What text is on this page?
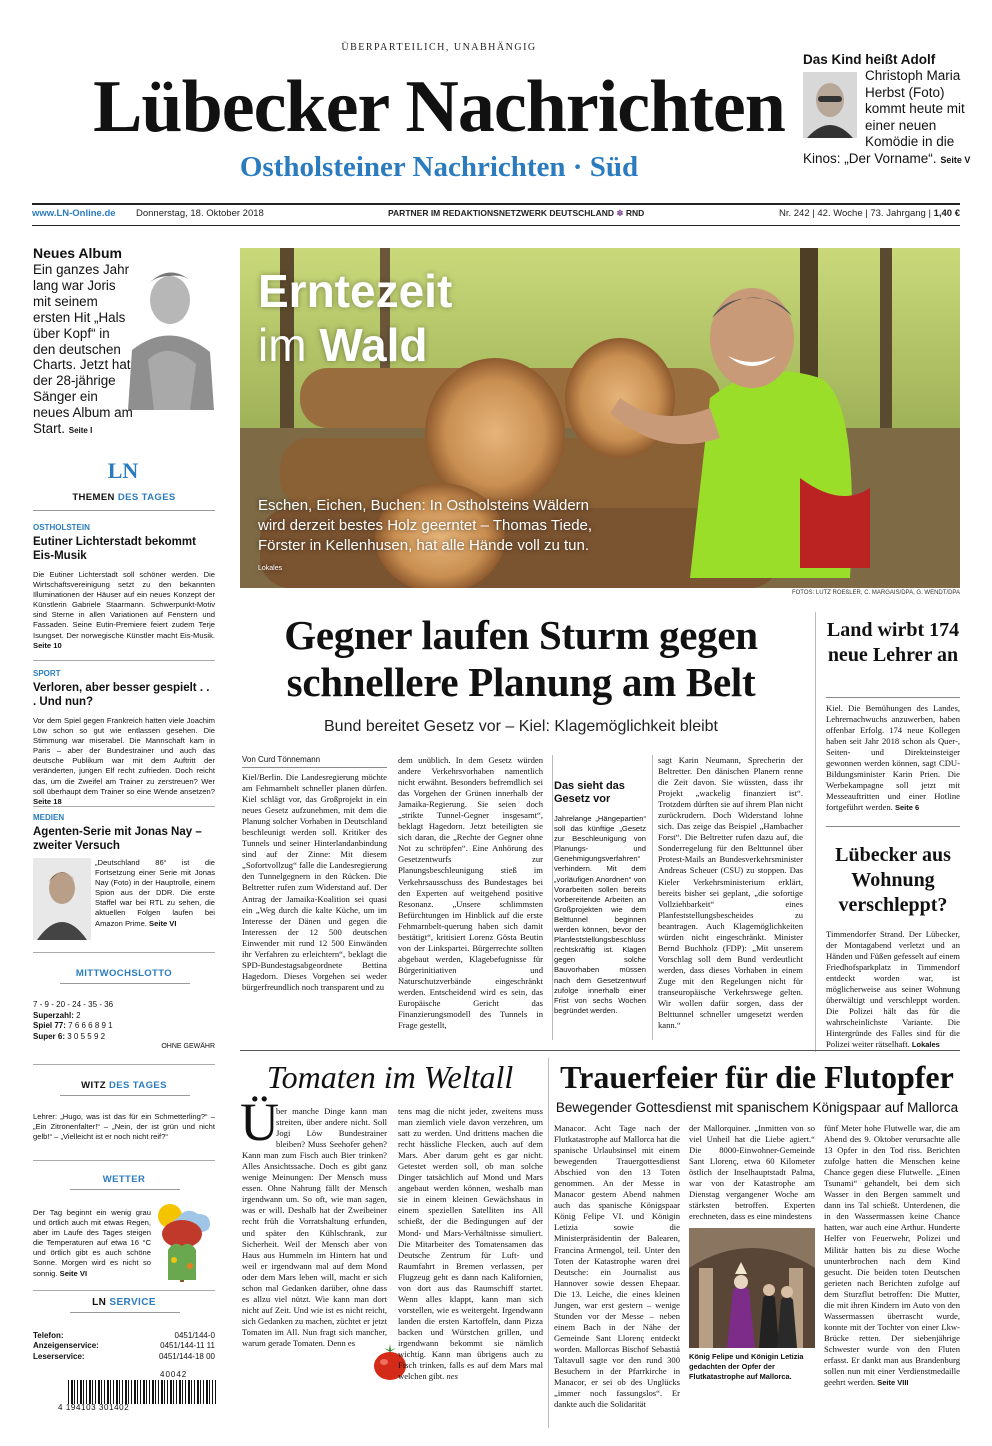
ÜBERPARTEILICH, UNABHÄNGIG
Lübecker Nachrichten
Ostholsteiner Nachrichten · Süd
Das Kind heißt Adolf
Christoph Maria Herbst (Foto) kommt heute mit einer neuen Komödie in die Kinos: „Der Vorname“. Seite V
www.LN-Online.de Donnerstag, 18. Oktober 2018	PARTNER IM REDAKTIONSNETZWERK DEUTSCHLAND ✽ RND	Nr. 242 | 42. Woche | 73. Jahrgang | 1,40 €
Neues Album
Ein ganzes Jahr lang war Joris mit seinem ersten Hit „Hals über Kopf“ in den deutschen Charts. Jetzt hat der 28-jährige Sänger ein neues Album am Start. Seite I
LN
THEMEN DES TAGES
OSTHOLSTEIN
Eutiner Lichterstadt bekommt Eis-Musik
Die Eutiner Lichterstadt soll schöner werden. Die Wirtschaftsvereinigung setzt zu den bekannten Illuminationen der Häuser auf ein neues Konzept der Künstlerin Gabriele Staarmann. Schwerpunkt-Motiv sind Sterne in allen Variationen auf Fenstern und Fassaden. Seine Eutin-Premiere feiert zudem Terje Isungset. Der norwegische Künstler macht Eis-Musik. Seite 10
SPORT
Verloren, aber besser gespielt . . . Und nun?
Vor dem Spiel gegen Frankreich hatten viele Joachim Löw schon so gut wie entlassen gesehen. Die Stimmung war miserabel. Die Mannschaft kam in Paris – aber der Bundestrainer und auch das deutsche Publikum war mit dem Auftritt der veränderten, jungen Elf recht zufrieden. Doch reicht das, um die Zweifel am Trainer zu zerstreuen? Wer soll überhaupt dem Trainer so eine Wende ansetzen? Seite 18
MEDIEN
Agenten-Serie mit Jonas Nay – zweiter Versuch
„Deutschland 86“ ist die Fortsetzung einer Serie mit Jonas Nay (Foto) in der Hauptrolle, einem Spion aus der DDR. Die erste Staffel war bei RTL zu sehen, die aktuellen Folgen laufen bei Amazon Prime. Seite VI
MITTWOCHSLOTTO
7 - 9 - 20 - 24 - 35 - 36
Superzahl: 2
Spiel 77: 7 6 6 6 8 9 1
Super 6: 3 0 5 5 9 2
OHNE GEWÄHR
WITZ DES TAGES
Lehrer: „Hugo, was ist das für ein Schmetterling?“ – „Ein Zitronenfalter!“ – „Nein, der ist grün und nicht gelb!“ – „Vielleicht ist er noch nicht reif?“
WETTER
Der Tag beginnt ein wenig grau und örtlich auch mit etwas Regen, aber im Laufe des Tages steigen die Temperaturen auf etwa 16 °C und örtlich gibt es auch schöne Sonne. Morgen wird es nicht so sonnig. Seite VI
LN SERVICE
Telefon:	0451/144-0
Anzeigenservice:	0451/144-11 11
Leserservice:	0451/144-18 00
40042
4 194103 301402
Erntezeit
im Wald
Eschen, Eichen, Buchen: In Ostholsteins Wäldern wird derzeit bestes Holz geerntet – Thomas Tiede, Förster in Kellenhusen, hat alle Hände voll zu tun. Lokales
FOTOS: LUTZ ROEßLER, C. MARGAIS/DPA, G. WENDT/DPA
Gegner laufen Sturm gegen
schnellere Planung am Belt
Bund bereitet Gesetz vor – Kiel: Klagemöglichkeit bleibt
Von Curd Tönnemann
Kiel/Berlin. Die Landesregierung möchte am Fehmarnbelt schneller planen dürfen. Kiel schlägt vor, das Großprojekt in ein neues Gesetz aufzunehmen, mit dem die Planung solcher Vorhaben in Deutschland beschleunigt werden soll. Kritiker des Tunnels und seiner Hinterlandanbindung sind auf der Zinne: Mit diesem „Sofortvollzug“ falle die Landesregierung den Tunnelgegnern in den Rücken. Die Beltretter rufen zum Widerstand auf. Der Antrag der Jamaika-Koalition sei quasi ein „Weg durch die kalte Küche, um im Interesse der Dänen und gegen die Interessen der 12 500 deutschen Einwender mit rund 12 500 Einwänden ihr Verfahren zu erleichtern“, beklagt die SPD-Bundestagsabgeordnete Bettina Hagedorn. Dieses Vorgehen sei weder bürgerfreundlich noch transparent und zu
dem unüblich. In dem Gesetz würden andere Verkehrsvorhaben namentlich nicht erwähnt. Besonders befremdlich sei das Vorgehen der Grünen innerhalb der Jamaika-Regierung. Sie seien doch „strikte Tunnel-Gegner insgesamt“, beklagt Hagedorn. Jetzt beteiligten sie sich daran, die „Rechte der Gegner ohne Not zu schröpfen“. Eine Anhörung des Gesetzentwurfs zur Planungsbeschleunigung stieß im Verkehrsausschuss des Bundestages bei den Experten auf weitgehend positive Resonanz. „Unsere schlimmsten Befürchtungen im Hinblick auf die erste Fehmarnbelt-querung haben sich damit bestätigt“, kritisiert Lorenz Gösta Beutin von der Linkspartei. Bürgerrechte sollten abgebaut werden, Klagebefugnisse für Bürgerinitiativen und Naturschutzverbände eingeschränkt werden. Entscheidend wird es sein, das Europäische Gericht das Finanzierungsmodell des Tunnels in Frage gestellt,
Das sieht das Gesetz vor
Jahrelange „Hängepartien“ soll das künftige „Gesetz zur Beschleunigung von Planungs- und Genehmigungsverfahren“ verhindern. Mit dem „vorläufigen Anordnen“ von Vorarbeiten sollen bereits vorbereitende Arbeiten an Großprojekten wie dem Belttunnel beginnen werden können, bevor der Planfeststellungsbeschluss rechtskräftig ist. Klagen gegen solche Bauvorhaben müssen nach dem Gesetzentwurf zufolge innerhalb einer Frist von sechs Wochen begründet werden.
sagt Karin Neumann, Sprecherin der Beltretter. Den dänischen Planern renne die Zeit davon. Sie wüssten, dass ihr Projekt „wackelig finanziert ist“. Trotzdem dürften sie auf ihrem Plan nicht zurückrudern. Doch Widerstand lohne sich. Das zeige das Beispiel „Hambacher Forst“. Die Beltretter rufen dazu auf, die Sonderregelung für den Belttunnel über Protest-Mails an Bundesverkehrsminister Andreas Scheuer (CSU) zu stoppen. Das Kieler Verkehrsministerium erklärt, bereits bisher sei geplant, „die sofortige Vollziehbarkeit“ eines Planfeststellungsbescheides zu beantragen. Auch Klagemöglichkeiten würden nicht eingeschränkt. Minister Bernd Buchholz (FDP): „Mit unserem Vorschlag soll dem Bund verdeutlicht werden, dass dieses Vorhaben in einem Zuge mit den Regelungen nicht für transeuropäische Verkehrswege gelten. Wir wollen dafür sorgen, dass der Belttunnel schneller umgesetzt werden kann.“
Land wirbt 174 neue Lehrer an
Kiel. Die Bemühungen des Landes, Lehrernachwuchs anzuwerben, haben offenbar Erfolg. 174 neue Kollegen haben seit Jahr 2018 schon als Quer-, Seiten- und Direkteinsteiger gewonnen werden können, sagt CDU-Bildungsminister Karin Prien. Die Werbekampagne soll jetzt mit Messeauftritten und einer Hotline fortgeführt werden. Seite 6
Lübecker aus Wohnung verschleppt?
Timmendorfer Strand. Der Lübecker, der Montagabend verletzt und an Händen und Füßen gefesselt auf einem Friedhofsparkplatz in Timmendorf entdeckt worden war, ist möglicherweise aus seiner Wohnung überwältigt und verschleppt worden. Die Polizei hält das für die wahrscheinlichste Variante. Die Hintergründe des Falles sind für die Polizei weiter rätselhaft. Lokales
Tomaten im Weltall
Ü
ber manche Dinge kann man streiten, über andere nicht. Soll Jogi Löw Bundestrainer bleiben? Muss Seehofer gehen? Kann man zum Fisch auch Bier trinken? Alles Ansichtssache. Doch es gibt ganz wenige Meinungen: Der Mensch muss essen. Ohne Nahrung fällt der Mensch irgendwann um. So oft, wie man sagen, was er will. Deshalb hat der Zweibeiner recht früh die Vorratshaltung erfunden, und später den Kühlschrank, zur Sicherheit. Weil der Mensch aber von Haus aus Hummeln im Hintern hat und weil er irgendwann mal auf dem Mond oder dem Mars leben will, macht er sich schon mal Gedanken darüber, ohne dass es allzu viel nützt. Wie kann man dort nicht auf Zeit. Und wie ist es nicht reicht, sich Gedanken zu machen, züchtet er jetzt Tomaten im All. Nun fragt sich mancher, warum gerade Tomaten. Denn es
tens mag die nicht jeder, zweitens muss man ziemlich viele davon verzehren, um satt zu werden. Und drittens machen die recht hässliche Flecken, auch auf dem Mars. Aber darum geht es gar nicht. Getestet werden soll, ob man solche Dinger tatsächlich auf Mond und Mars angebaut werden können, weshalb man sie in einem kleinen Gewächshaus in einem speziellen Satelliten ins All schießt, der die Bedingungen auf der Mond- und Mars-Verhältnisse simuliert. Die Mitarbeiter des Tomatensamen das Deutsche Zentrum für Luft- und Raumfahrt in Bremen verlassen, per Flugzeug geht es dann nach Kalifornien, von dort aus das Raumschiff startet. Wenn alles klappt, kann man sich vorstellen, wie es weitergeht. Irgendwann landen die ersten Kartoffeln, dann Pizza backen und Würstchen grillen, und irgendwann bekommt sie nämlich wichtig. Kann man übrigens auch zu Fisch trinken, falls es auf dem Mars mal welchen gibt. nes
Trauerfeier für die Flutopfer
Bewegender Gottesdienst mit spanischem Königspaar auf Mallorca
Manacor. Acht Tage nach der Flutkatastrophe auf Mallorca hat die spanische Urlaubsinsel mit einem bewegenden Trauergottesdienst Abschied von den 13 Toten genommen. An der Messe in Manacor gestern Abend nahmen auch das spanische Königspaar König Felipe VI. und Königin Letizia sowie die Ministerpräsidentin der Balearen, Francina Armengol, teil. Unter den Toten der Katastrophe waren drei Deutsche: ein Journalist aus Hannover sowie dessen Ehepaar. Die 13. Leiche, die eines kleinen Jungen, war erst gestern – wenige Stunden vor der Messe – neben einem Bach in der Nähe der Gemeinde Sant Llorenç entdeckt worden. Mallorcas Bischof Sebastià Taltavull sagte vor den rund 300 Besuchern in der Pfarrkirche in Manacor, er sei ob des Unglücks „immer noch fassungslos“. Er dankte auch die Solidarität
der Mallorquiner. „Inmitten von so viel Unheil hat die Liebe agiert.“ Die 8000-Einwohner-Gemeinde Sant Llorenç, etwa 60 Kilometer östlich der Inselhauptstadt Palma, war von der Katastrophe am Dienstag vergangener Woche am stärksten betroffen. Experten erechneten, dass es eine mindestens
König Felipe und Königin Letizia gedachten der Opfer der Flutkatastrophe auf Mallorca.
fünf Meter hohe Flutwelle war, die am Abend des 9. Oktober verursachte alle 13 Opfer in den Tod riss. Berichten zufolge hatten die Menschen keine Chance gegen diese Flutwelle. „Einen Tsunami“ gehandelt, bei dem sich Wasser in den Bergen sammelt und dann ins Tal schießt. Unterdenen, die in den Wassermassen keine Chance hatten, war auch eine Arthur. Hunderte Helfer von Feuerwehr, Polizei und Militär hatten bis zu diese Woche ununterbrochen nach dem Kind gesucht. Die beiden toten Deutschen gerieten nach Berichten zufolge auf dem Sturzflut betroffen: Die Mutter, die mit ihren Kindern im Auto von den Wassermassen überrascht wurde, konnte mit der Tochter von einer Lkw-Brücke retten. Der siebenjährige Schwester wurde von den Fluten erfasst. Er dankt man aus Brandenburg sollen nun mit einer Verdienstmedaille geehrt werden. Seite VIII
